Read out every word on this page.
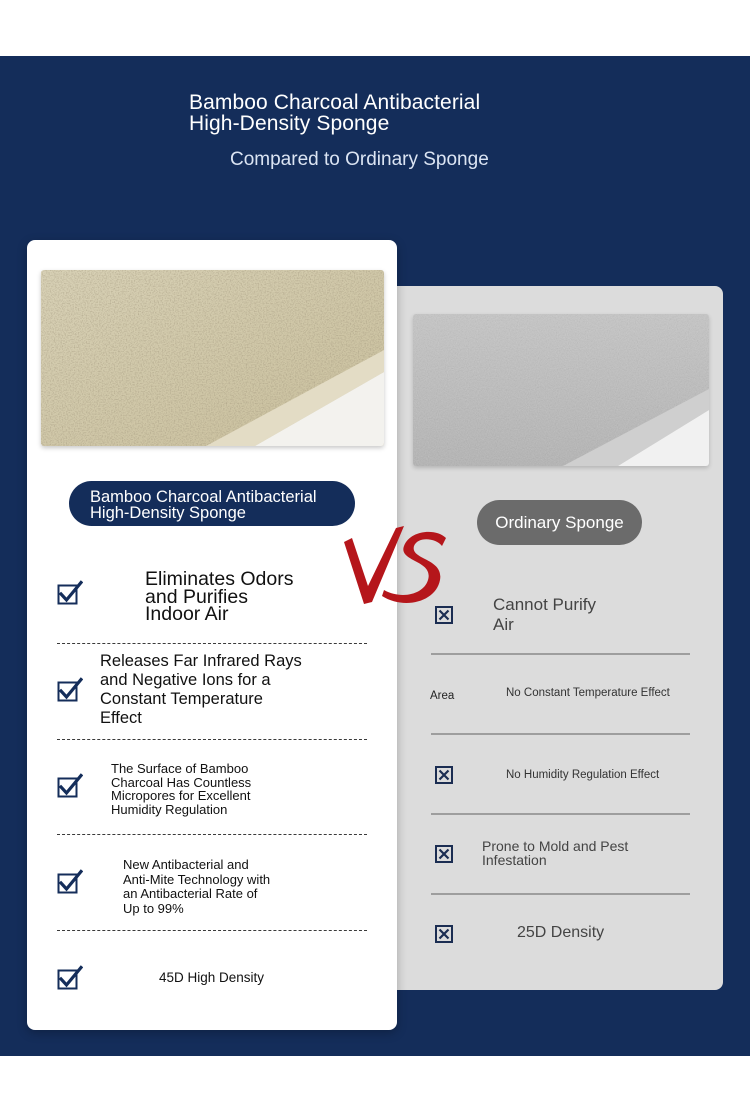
Bamboo Charcoal Antibacterial
High-Density Sponge
Compared to Ordinary Sponge
Ordinary Sponge
Bamboo Charcoal Antibacterial
High-Density Sponge
VS
Eliminates Odors
and Purifies
Indoor Air
Releases Far Infrared Rays
and Negative Ions for a
Constant Temperature
Effect
The Surface of Bamboo
Charcoal Has Countless
Micropores for Excellent
Humidity Regulation
New Antibacterial and
Anti-Mite Technology with
an Antibacterial Rate of
Up to 99%
45D High Density
Cannot Purify
Air
Area	No Constant Temperature Effect
No Humidity Regulation Effect
Prone to Mold and Pest
Infestation
25D Density
